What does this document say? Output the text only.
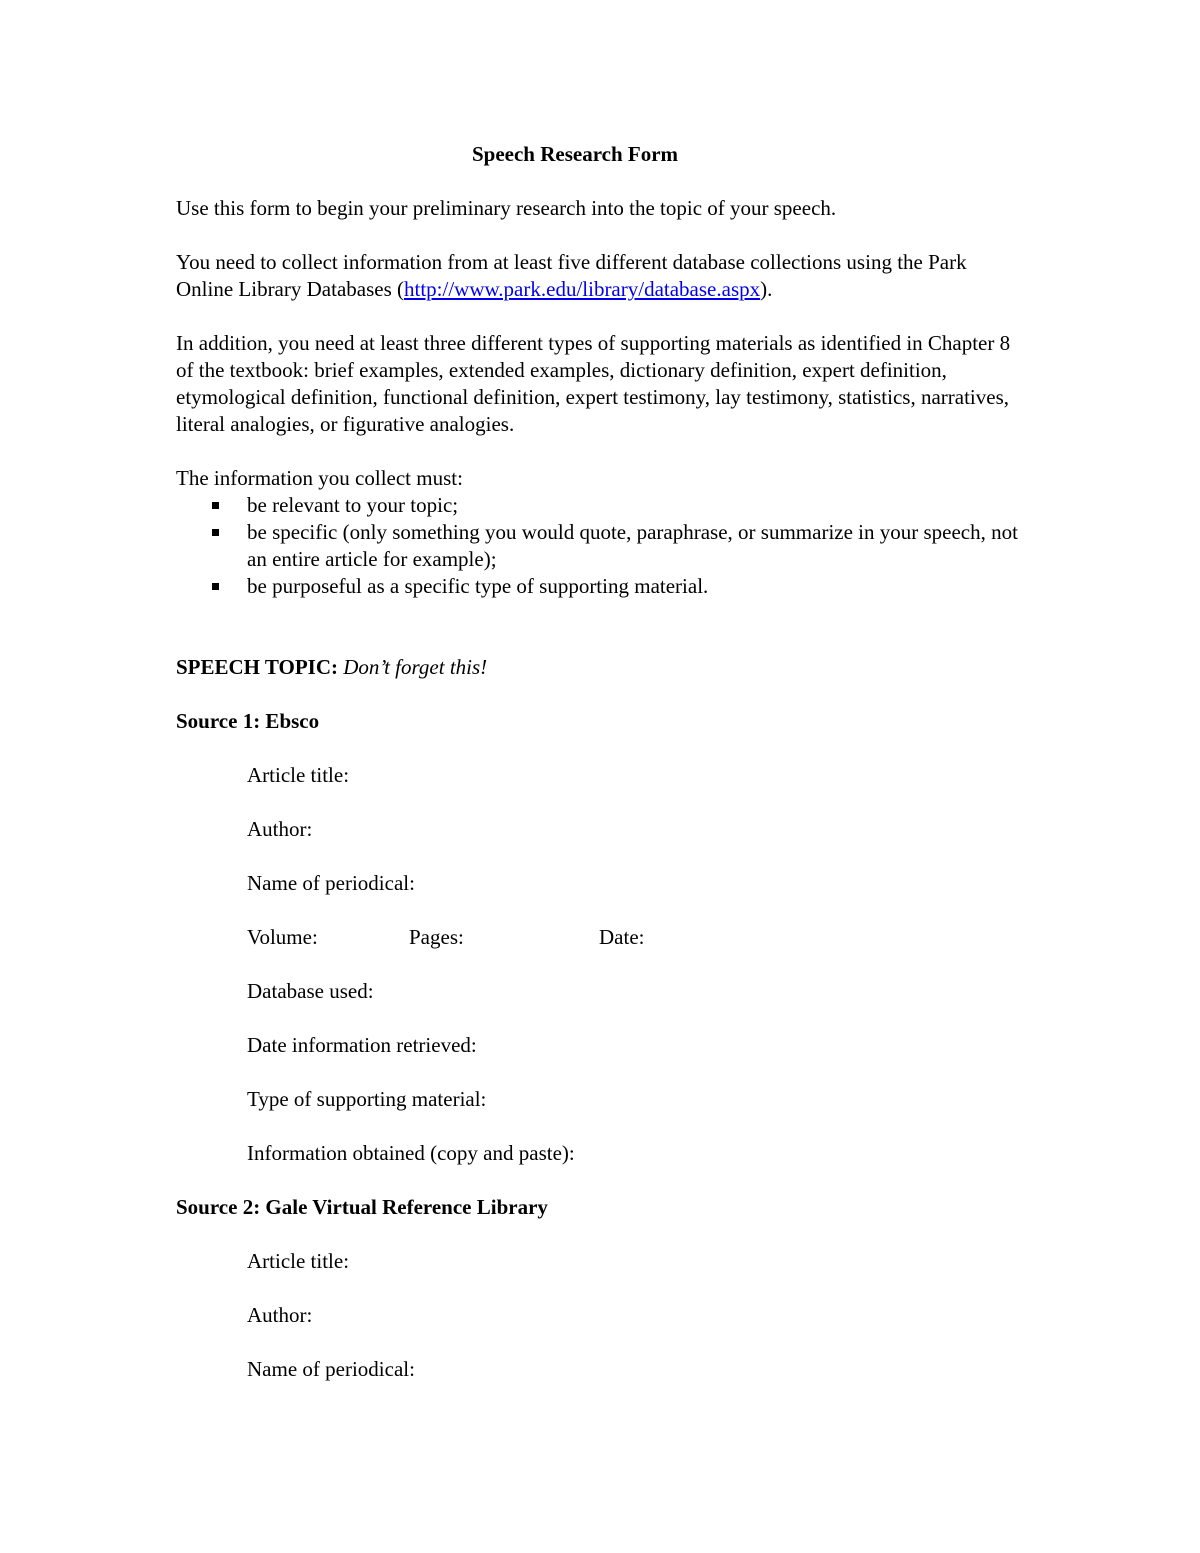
Speech Research Form

Use this form to begin your preliminary research into the topic of your speech.

You need to collect information from at least five different database collections using the Park Online Library Databases (http://www.park.edu/library/database.aspx).

In addition, you need at least three different types of supporting materials as identified in Chapter 8 of the textbook: brief examples, extended examples, dictionary definition, expert definition, etymological definition, functional definition, expert testimony, lay testimony, statistics, narratives, literal analogies, or figurative analogies.

The information you collect must:

be relevant to your topic;
be specific (only something you would quote, paraphrase, or summarize in your speech, not an entire article for example);
be purposeful as a specific type of supporting material.

SPEECH TOPIC: Don’t forget this!

Source 1: Ebsco

Article title:

Author:

Name of periodical:

Volume:	Pages:	Date:

Database used:

Date information retrieved:

Type of supporting material:

Information obtained (copy and paste):

Source 2: Gale Virtual Reference Library

Article title:

Author:

Name of periodical:
